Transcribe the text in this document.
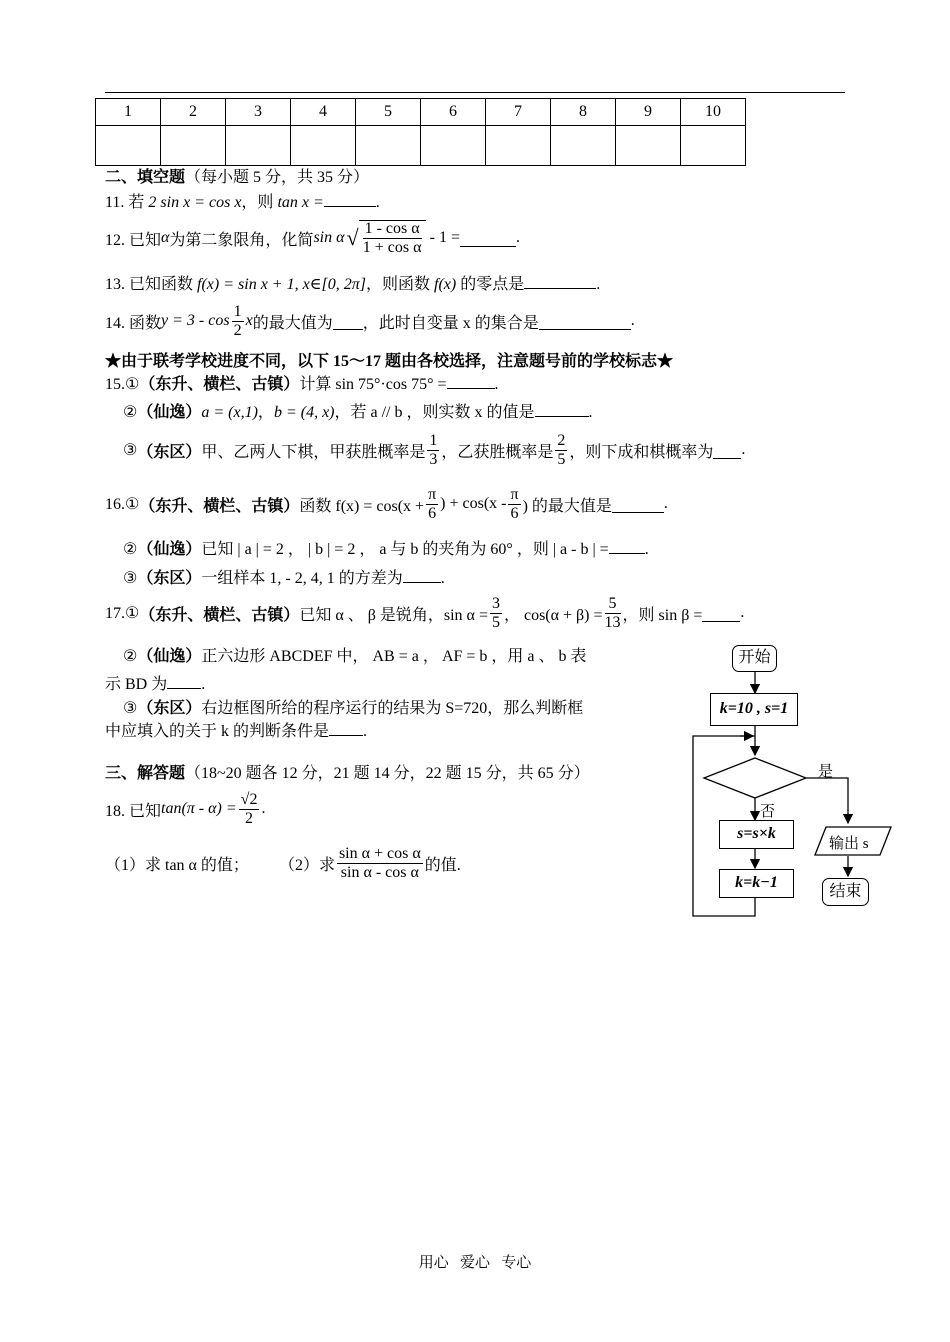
1	2	3	4	5	6	7	8	9	10

二、填空题（每小题 5 分，共 35 分）
11. 若 2 sin x = cos x，则 tan x =	.
12. 已知 α 为第二象限角，化简 sin α √ $\frac{\text{1 - cos α}}{\text{1 + cos α}} - 1$ =	.
13. 已知函数 f(x) = sin x + 1, x∈[0, 2π]，则函数 f(x) 的零点是	.
14. 函数 $y = 3 - \cos \frac{1}{2}$ x 的最大值为 ，此时自变量 x 的集合是	.
★由于联考学校进度不同，以下 15～17 题由各校选择，注意题号前的学校标志★
15.①（东升、横栏、古镇）计算 sin 75°·cos 75° =	.
②（仙逸）a = (x,1)，b = (4, x)，若 a // b ，则实数 x 的值是	.
③ （东区） 甲、乙两人下棋，甲获胜概率是 $\frac{1}{3}$ ，乙获胜概率是 $\frac{2}{5}$ ，则下成和棋概率为 .
16.① （东升、横栏、古镇） 函数 $f(x) = \cos(x + \frac{\pi}{6}$ ) + $\cos(x - \frac{\pi}{6}$ ) 的最大值是	.
②（仙逸）已知 | a | = 2 ， | b | = 2 ， a 与 b 的夹角为 60° ，则 | a - b | = .
③（东区）一组样本 1, - 2, 4, 1 的方差为 .
17.① （东升、横栏、古镇） 已知 α 、 β 是锐角，$\sin \alpha = \frac{3}{5}$ ， $\cos(\alpha + \beta) = \frac{5}{13}$ ，则 sin β = .
②（仙逸）正六边形 ABCDEF 中， AB = a ， AF = b ，用 a 、 b 表
示 BD 为 .
③（东区）右边框图所给的程序运行的结果为 S=720，那么判断框
中应填入的关于 k 的判断条件是 .
三、解答题（18~20 题各 12 分，21 题 14 分，22 题 15 分，共 65 分）
18. 已知 $\tan(\pi - \alpha) = \frac{√2}{2}$ .
（1）求 tan α 的值； （2）求 $\frac{\text{sin α + cos α}}{\text{sin α - cos α}}$ 的值.
开始
k=10 , s=1
是
否
s=s×k
k=k−1
输出 s
结束
用心   爱心   专心
